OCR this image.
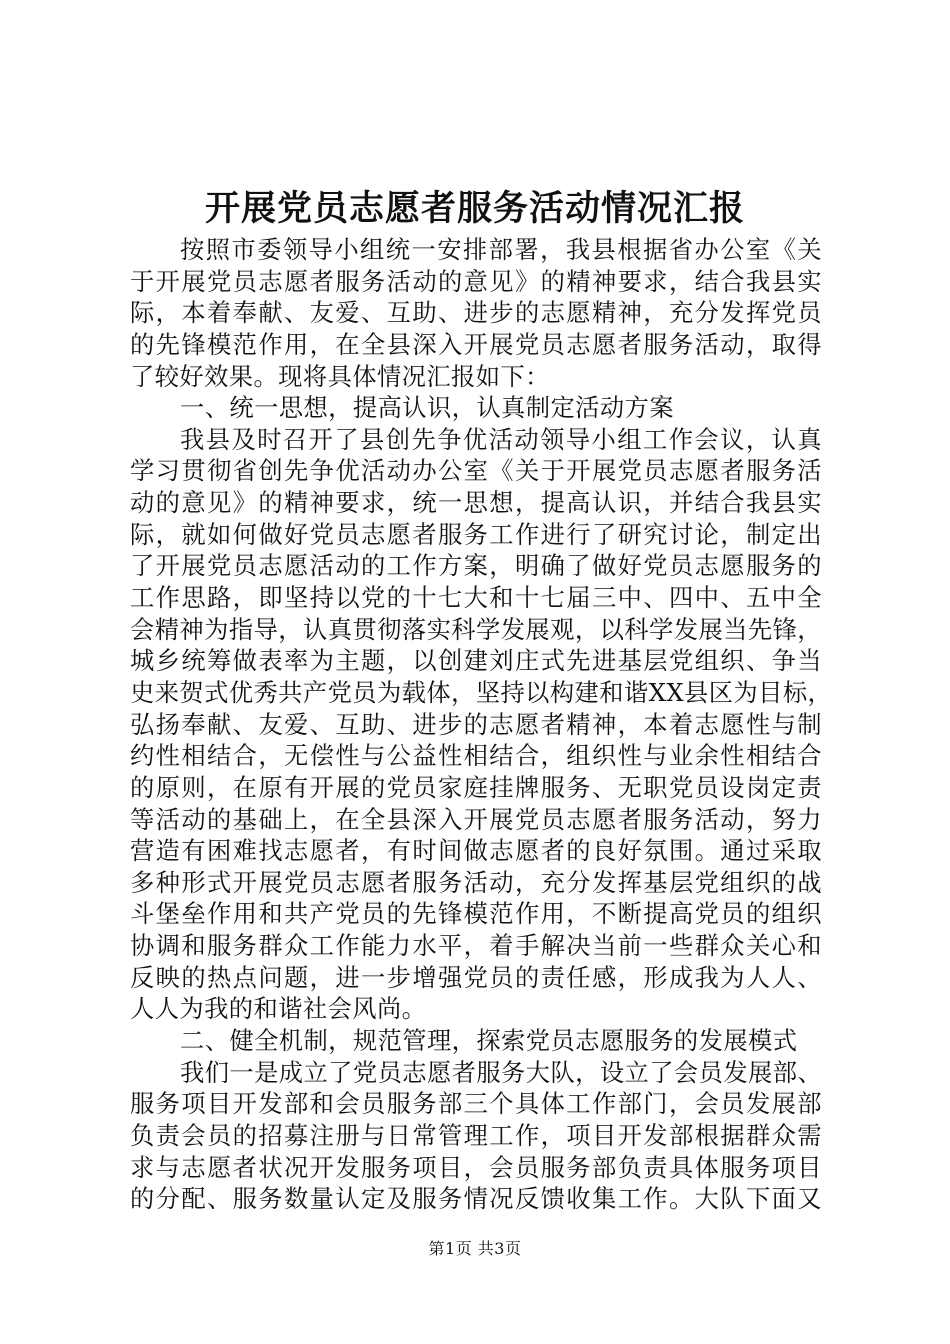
开展党员志愿者服务活动情况汇报
按照市委领导小组统一安排部署，我县根据省办公室《关
于开展党员志愿者服务活动的意见》的精神要求，结合我县实
际，本着奉献、友爱、互助、进步的志愿精神，充分发挥党员
的先锋模范作用，在全县深入开展党员志愿者服务活动，取得
了较好效果。现将具体情况汇报如下：
一、统一思想，提高认识，认真制定活动方案
我县及时召开了县创先争优活动领导小组工作会议，认真
学习贯彻省创先争优活动办公室《关于开展党员志愿者服务活
动的意见》的精神要求，统一思想，提高认识，并结合我县实
际，就如何做好党员志愿者服务工作进行了研究讨论，制定出
了开展党员志愿活动的工作方案，明确了做好党员志愿服务的
工作思路，即坚持以党的十七大和十七届三中、四中、五中全
会精神为指导，认真贯彻落实科学发展观，以科学发展当先锋，
城乡统筹做表率为主题，以创建刘庄式先进基层党组织、争当
史来贺式优秀共产党员为载体，坚持以构建和谐XX县区为目标，
弘扬奉献、友爱、互助、进步的志愿者精神，本着志愿性与制
约性相结合，无偿性与公益性相结合，组织性与业余性相结合
的原则，在原有开展的党员家庭挂牌服务、无职党员设岗定责
等活动的基础上，在全县深入开展党员志愿者服务活动，努力
营造有困难找志愿者，有时间做志愿者的良好氛围。通过采取
多种形式开展党员志愿者服务活动，充分发挥基层党组织的战
斗堡垒作用和共产党员的先锋模范作用，不断提高党员的组织
协调和服务群众工作能力水平，着手解决当前一些群众关心和
反映的热点问题，进一步增强党员的责任感，形成我为人人、
人人为我的和谐社会风尚。
二、健全机制，规范管理，探索党员志愿服务的发展模式
我们一是成立了党员志愿者服务大队，设立了会员发展部、
服务项目开发部和会员服务部三个具体工作部门，会员发展部
负责会员的招募注册与日常管理工作，项目开发部根据群众需
求与志愿者状况开发服务项目，会员服务部负责具体服务项目
的分配、服务数量认定及服务情况反馈收集工作。大队下面又
第1页 共3页
